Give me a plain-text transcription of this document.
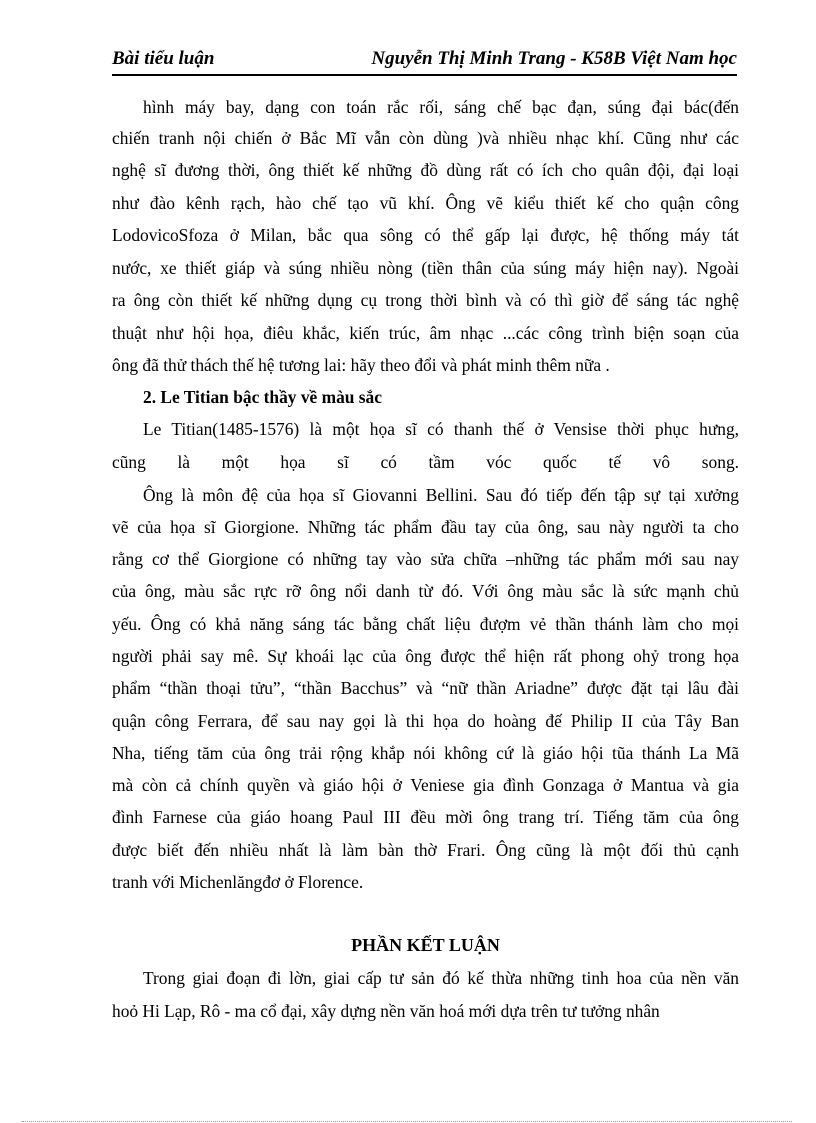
Bài tiểu luận	Nguyễn Thị Minh Trang - K58B Việt Nam học
hình máy bay, dạng con toán rắc rối, sáng chế bạc đạn, súng đại bác(đến
chiến tranh nội chiến ở Bắc Mĩ vẫn còn dùng )và nhiều nhạc khí. Cũng như các
nghệ sĩ đương thời, ông thiết kế những đồ dùng rất có ích cho quân đội, đại loại
như đào kênh rạch, hào chế tạo vũ khí. Ông vẽ kiểu thiết kế cho quận công
LodovicoSfoza ở Milan, bắc qua sông có thể gấp lại được, hệ thống máy tát
nước, xe thiết giáp và súng nhiều nòng (tiền thân của súng máy hiện nay). Ngoài
ra ông còn thiết kế những dụng cụ trong thời bình và có thì giờ để sáng tác nghệ
thuật như hội họa, điêu khắc, kiến trúc, âm nhạc ...các công trình biện soạn của
ông đã thử thách thế hệ tương lai: hãy theo đổi và phát minh thêm nữa .
2. Le Titian bậc thầy về màu sắc
Le Titian(1485-1576) là một họa sĩ có thanh thế ở Vensise thời phục hưng,
cũng là một họa sĩ có tầm vóc quốc tế vô song.
Ông là môn đệ của họa sĩ Giovanni Bellini. Sau đó tiếp đến tập sự tại xưởng
vẽ của họa sĩ Giorgione. Những tác phẩm đầu tay của ông, sau này người ta cho
rằng cơ thể Giorgione có những tay vào sửa chữa –những tác phẩm mới sau nay
của ông, màu sắc rực rỡ ông nổi danh từ đó. Với ông màu sắc là sức mạnh chủ
yếu. Ông có khả năng sáng tác bằng chất liệu đượm vẻ thần thánh làm cho mọi
người phải say mê. Sự khoái lạc của ông được thể hiện rất phong ohỷ trong họa
phẩm “thần thoại tửu”, “thần Bacchus” và “nữ thần Ariadne” được đặt tại lâu đài
quận công Ferrara, để sau nay gọi là thi họa do hoàng đế Philip II của Tây Ban
Nha, tiếng tăm của ông trải rộng khắp nói không cứ là giáo hội tũa thánh La Mã
mà còn cả chính quyền và giáo hội ở Veniese gia đình Gonzaga ở Mantua và gia
đình Farnese của giáo hoang Paul III đều mời ông trang trí. Tiếng tăm của ông
được biết đến nhiều nhất là làm bàn thờ Frari. Ông cũng là một đối thủ cạnh
tranh với Michenlăngđơ ở Florence.
PHẦN KẾT LUẬN
Trong giai đoạn đi lờn, giai cấp tư sản đó kế thừa những tinh hoa của nền văn
hoỏ Hi Lạp, Rô - ma cổ đại, xây dựng nền văn hoá mới dựa trên tư tưởng nhân
